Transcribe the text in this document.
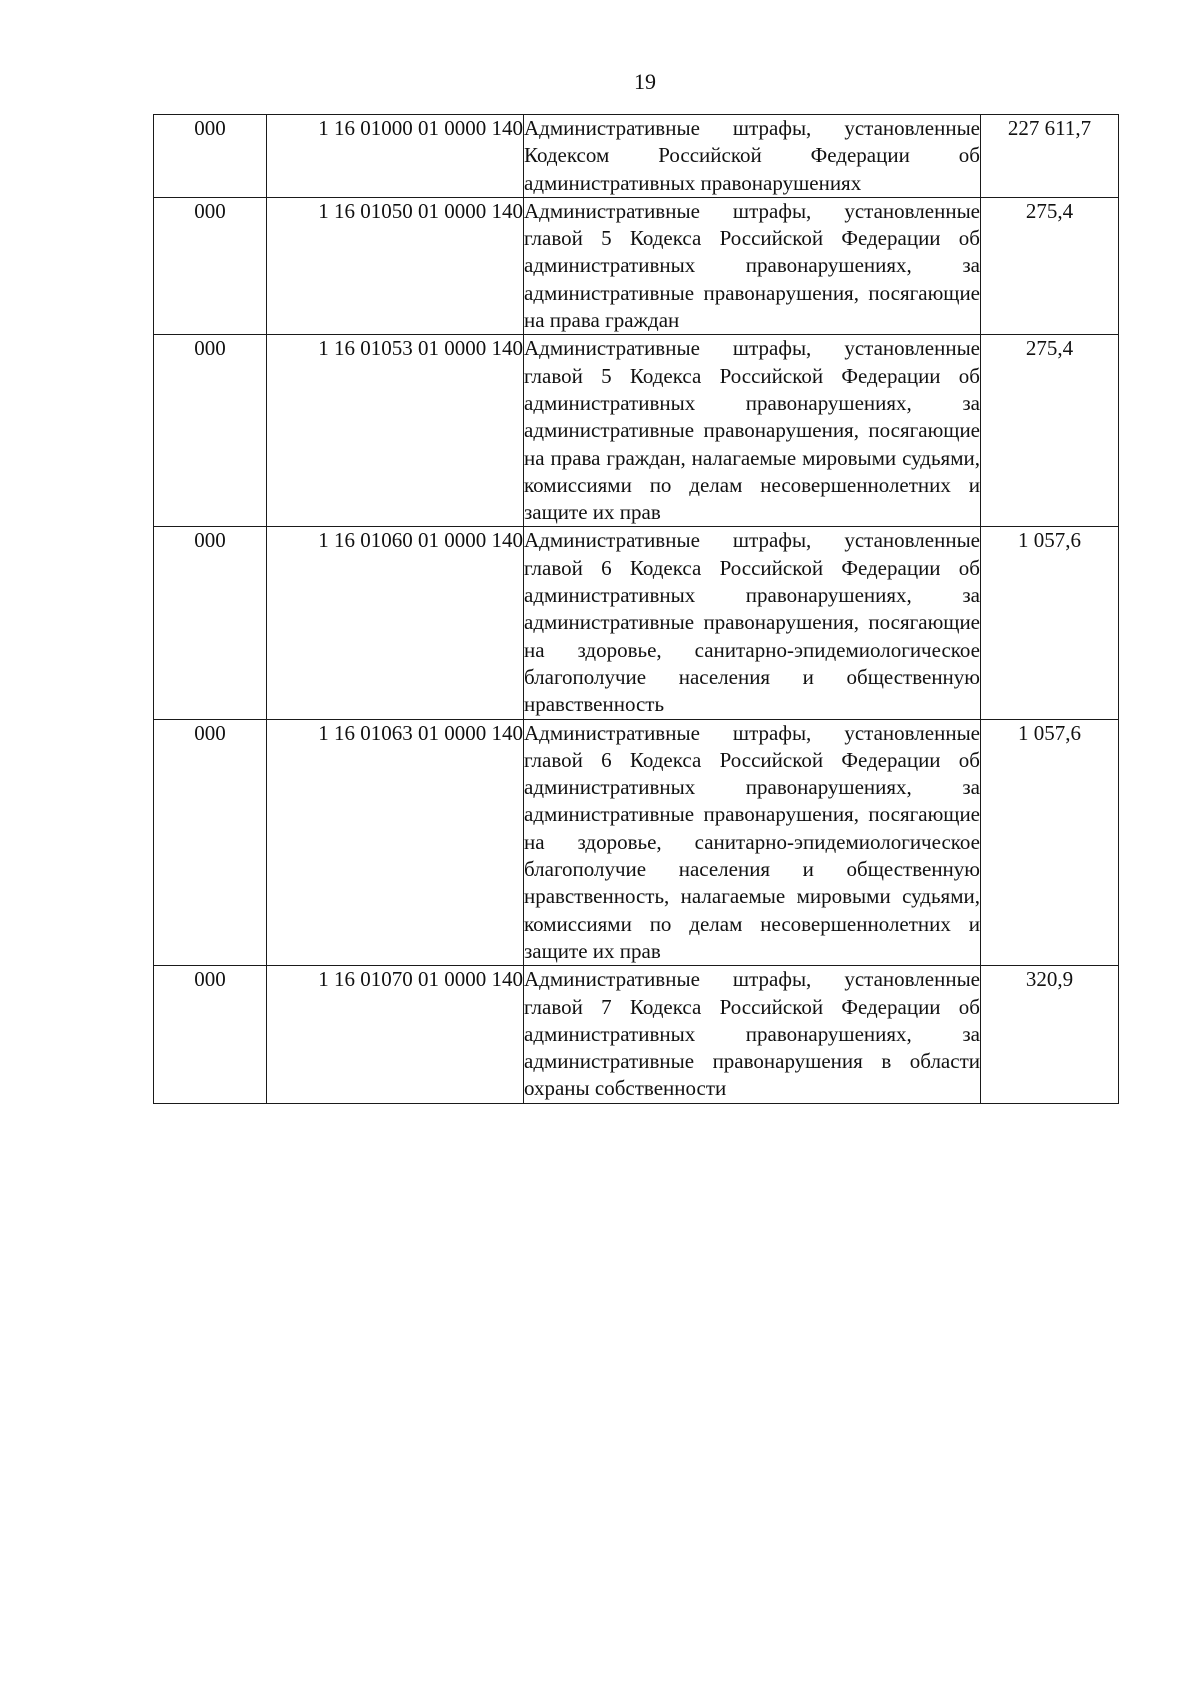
19
000	1 16 01000 01 0000 140	Административные штрафы, установленные Кодексом Российской Федерации об административных правонарушениях	227 611,7
000	1 16 01050 01 0000 140	Административные штрафы, установленные главой 5 Кодекса Российской Федерации об административных правонарушениях, за административные правонарушения, посягающие на права граждан	275,4
000	1 16 01053 01 0000 140	Административные штрафы, установленные главой 5 Кодекса Российской Федерации об административных правонарушениях, за административные правонарушения, посягающие на права граждан, налагаемые мировыми судьями, комиссиями по делам несовершеннолетних и защите их прав	275,4
000	1 16 01060 01 0000 140	Административные штрафы, установленные главой 6 Кодекса Российской Федерации об административных правонарушениях, за административные правонарушения, посягающие на здоровье, санитарно-эпидемиологическое благополучие населения и общественную нравственность	1 057,6
000	1 16 01063 01 0000 140	Административные штрафы, установленные главой 6 Кодекса Российской Федерации об административных правонарушениях, за административные правонарушения, посягающие на здоровье, санитарно-эпидемиологическое благополучие населения и общественную нравственность, налагаемые мировыми судьями, комиссиями по делам несовершеннолетних и защите их прав	1 057,6
000	1 16 01070 01 0000 140	Административные штрафы, установленные главой 7 Кодекса Российской Федерации об административных правонарушениях, за административные правонарушения в области охраны собственности	320,9
